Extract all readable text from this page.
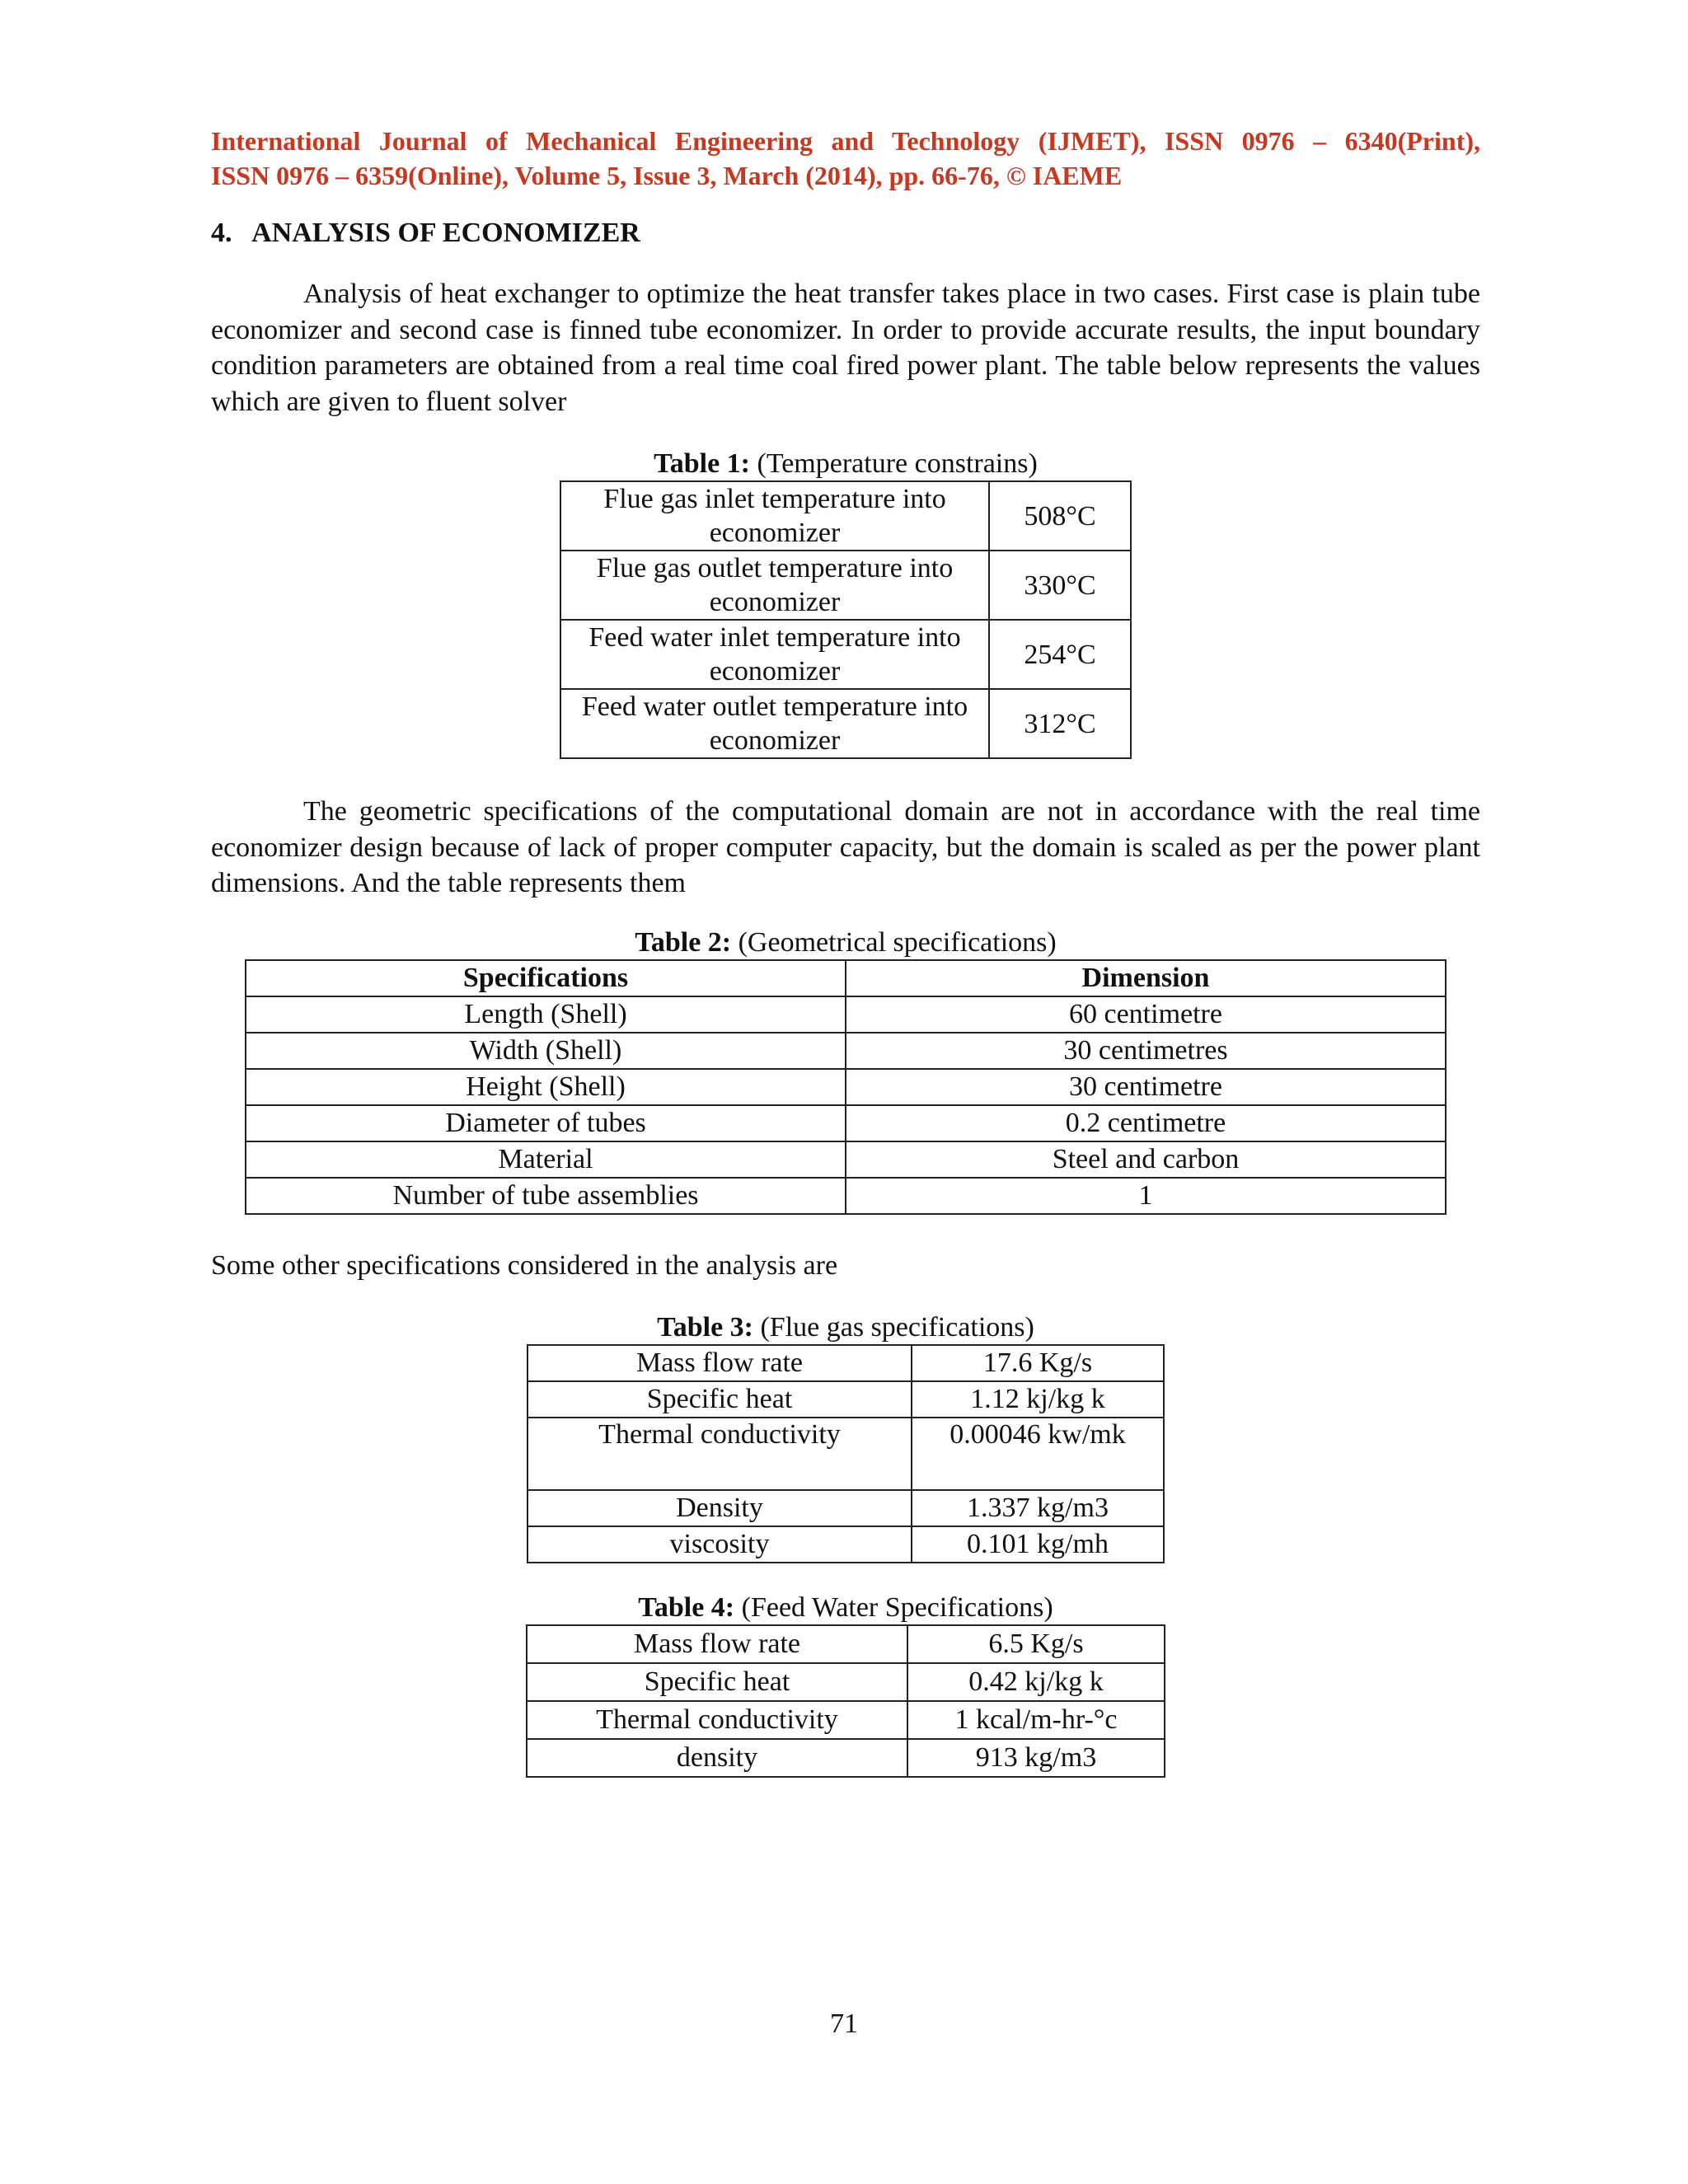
International Journal of Mechanical Engineering and Technology (IJMET), ISSN 0976 – 6340(Print),
ISSN 0976 – 6359(Online), Volume 5, Issue 3, March (2014), pp. 66-76, © IAEME
4.   ANALYSIS OF ECONOMIZER

Analysis of heat exchanger to optimize the heat transfer takes place in two cases. First case is plain tube economizer and second case is finned tube economizer. In order to provide accurate results, the input boundary condition parameters are obtained from a real time coal fired power plant. The table below represents the values which are given to fluent solver

Table 1: (Temperature constrains)
Flue gas inlet temperature into economizer	508°C
Flue gas outlet temperature into economizer	330°C
Feed water inlet temperature into economizer	254°C
Feed water outlet temperature into economizer	312°C

The geometric specifications of the computational domain are not in accordance with the real time economizer design because of lack of proper computer capacity, but the domain is scaled as per the power plant dimensions. And the table represents them

Table 2: (Geometrical specifications)
Specifications	Dimension
Length (Shell)	60 centimetre
Width (Shell)	30 centimetres
Height (Shell)	30 centimetre
Diameter of tubes	0.2 centimetre
Material	Steel and carbon
Number of tube assemblies	1

Some other specifications considered in the analysis are

Table 3: (Flue gas specifications)
Mass flow rate	17.6 Kg/s
Specific heat	1.12 kj/kg k
Thermal conductivity	0.00046 kw/mk
Density	1.337 kg/m3
viscosity	0.101 kg/mh
Table 4: (Feed Water Specifications)
Mass flow rate	6.5 Kg/s
Specific heat	0.42 kj/kg k
Thermal conductivity	1 kcal/m-hr-°c
density	913 kg/m3
71
